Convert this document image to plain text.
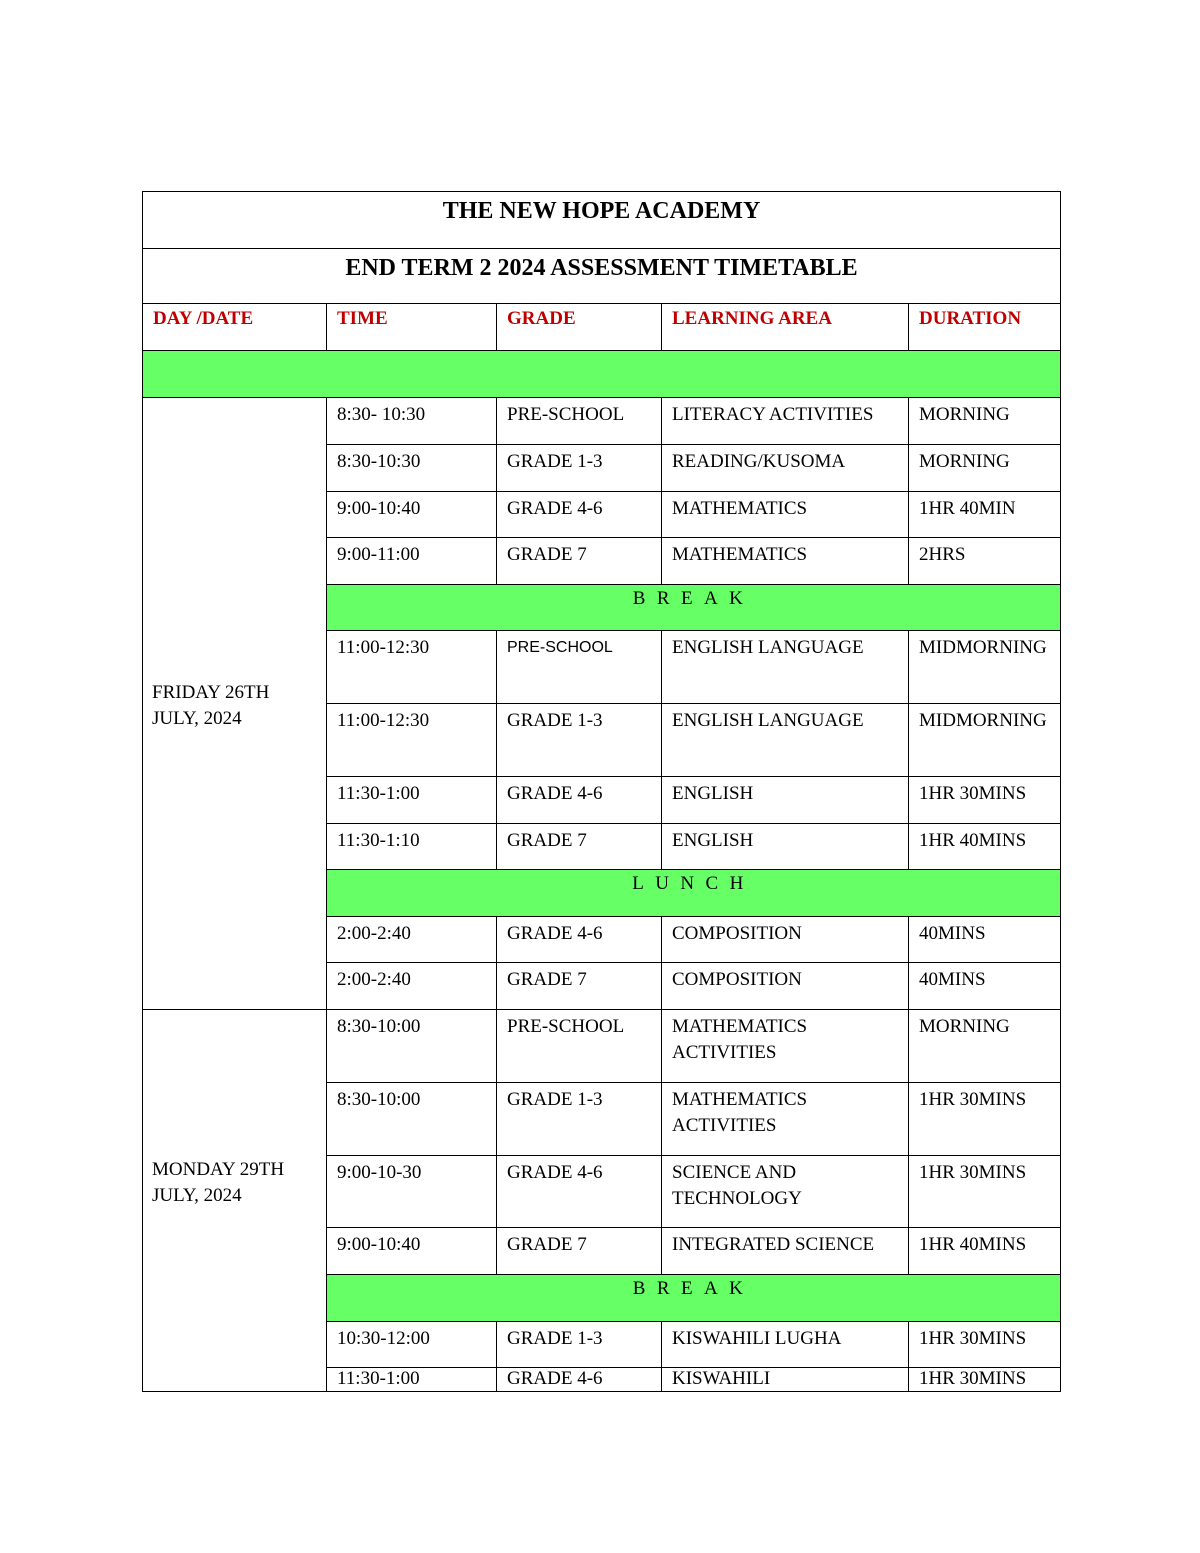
THE NEW HOPE ACADEMY				

END TERM 2 2024 ASSESSMENT TIMETABLE				

DAY /DATE	TIME	GRADE	LEARNING AREA	DURATION

FRIDAY 26TH JULY, 2024	8:30- 10:30	PRE-SCHOOL	LITERACY ACTIVITIES	MORNING

	8:30-10:30	GRADE 1-3	READING/KUSOMA	MORNING

	9:00-10:40	GRADE 4-6	MATHEMATICS	1HR 40MIN

	9:00-11:00	GRADE 7	MATHEMATICS	2HRS

	BREAK			

	11:00-12:30	PRE-SCHOOL	ENGLISH LANGUAGE	MIDMORNING

	11:00-12:30	GRADE 1-3	ENGLISH LANGUAGE	MIDMORNING

	11:30-1:00	GRADE 4-6	ENGLISH	1HR 30MINS

	11:30-1:10	GRADE 7	ENGLISH	1HR 40MINS

	LUNCH			

	2:00-2:40	GRADE 4-6	COMPOSITION	40MINS

	2:00-2:40	GRADE 7	COMPOSITION	40MINS

MONDAY 29TH JULY, 2024	8:30-10:00	PRE-SCHOOL	MATHEMATICS ACTIVITIES	MORNING

	8:30-10:00	GRADE 1-3	MATHEMATICS ACTIVITIES	1HR 30MINS

	9:00-10-30	GRADE 4-6	SCIENCE AND TECHNOLOGY	1HR 30MINS

	9:00-10:40	GRADE 7	INTEGRATED SCIENCE	1HR 40MINS

	BREAK			

	10:30-12:00	GRADE 1-3	KISWAHILI LUGHA	1HR 30MINS

	11:30-1:00	GRADE 4-6	KISWAHILI	1HR 30MINS
